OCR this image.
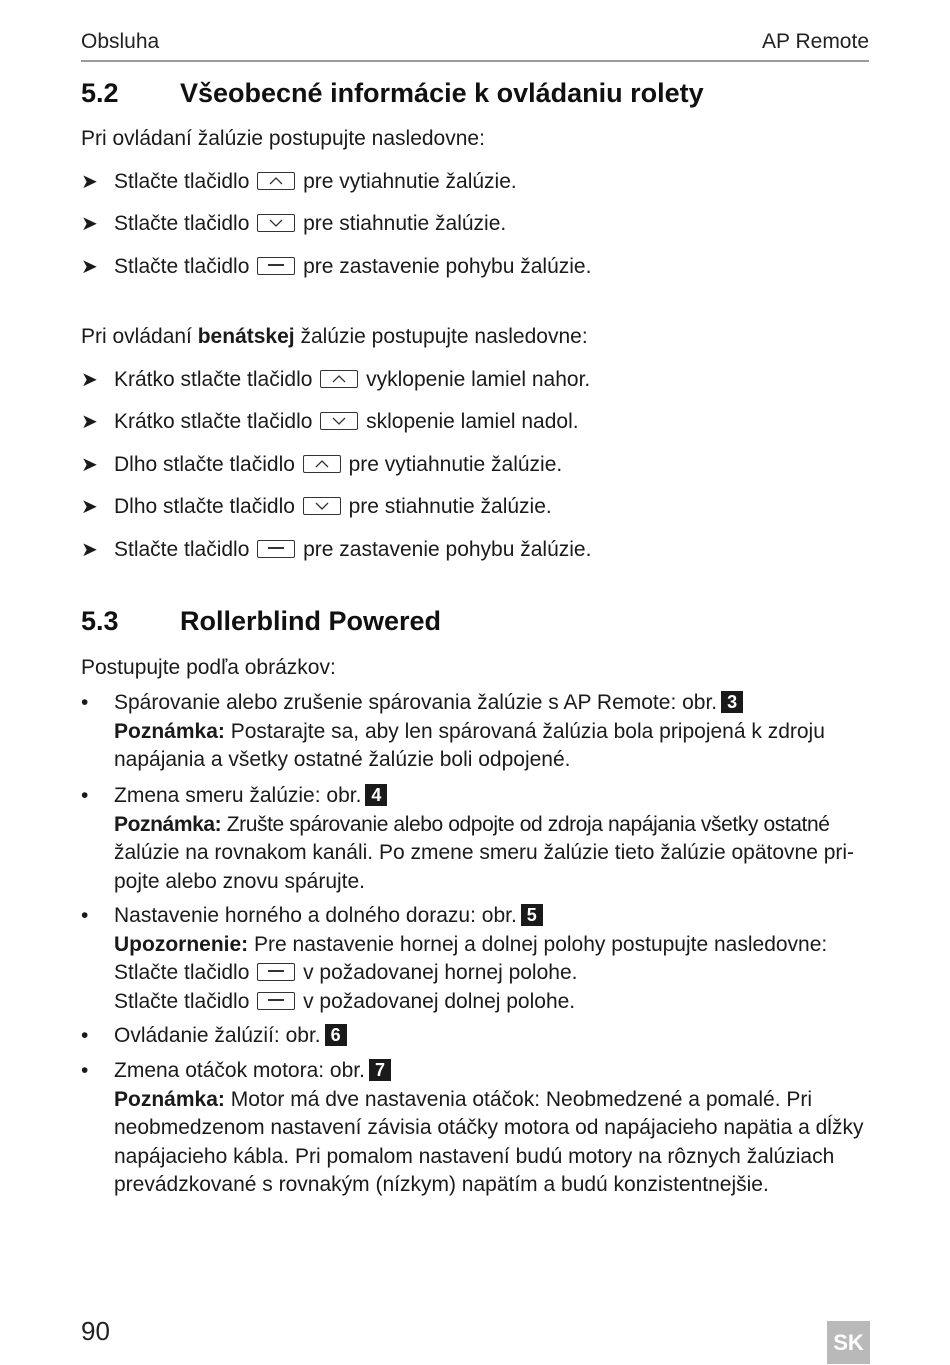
Obsluha	AP Remote
5.2 Všeobecné informácie k ovládaniu rolety
Pri ovládaní žalúzie postupujte nasledovne:
➤ Stlačte tlačidlo	pre vytiahnutie žalúzie.
➤ Stlačte tlačidlo	pre stiahnutie žalúzie.
➤ Stlačte tlačidlo	pre zastavenie pohybu žalúzie.
Pri ovládaní benátskej žalúzie postupujte nasledovne:
➤ Krátko stlačte tlačidlo	vyklopenie lamiel nahor.
➤ Krátko stlačte tlačidlo	sklopenie lamiel nadol.
➤ Dlho stlačte tlačidlo	pre vytiahnutie žalúzie.
➤ Dlho stlačte tlačidlo	pre stiahnutie žalúzie.
➤ Stlačte tlačidlo	pre zastavenie pohybu žalúzie.
5.3 Rollerblind Powered
Postupujte podľa obrázkov:
• Spárovanie alebo zrušenie spárovania žalúzie s AP Remote: obr. 3
Poznámka: Postarajte sa, aby len spárovaná žalúzia bola pripojená k zdroju
napájania a všetky ostatné žalúzie boli odpojené.
• Zmena smeru žalúzie: obr. 4
Poznámka: Zrušte spárovanie alebo odpojte od zdroja napájania všetky ostatné
žalúzie na rovnakom kanáli. Po zmene smeru žalúzie tieto žalúzie opätovne pri-
pojte alebo znovu spárujte.
• Nastavenie horného a dolného dorazu: obr. 5
Upozornenie: Pre nastavenie hornej a dolnej polohy postupujte nasledovne:
Stlačte tlačidlo	v požadovanej hornej polohe.
Stlačte tlačidlo	v požadovanej dolnej polohe.
• Ovládanie žalúzií: obr. 6
• Zmena otáčok motora: obr. 7
Poznámka: Motor má dve nastavenia otáčok: Neobmedzené a pomalé. Pri
neobmedzenom nastavení závisia otáčky motora od napájacieho napätia a dĺžky
napájacieho kábla. Pri pomalom nastavení budú motory na rôznych žalúziach
prevádzkované s rovnakým (nízkym) napätím a budú konzistentnejšie.
90	SK
